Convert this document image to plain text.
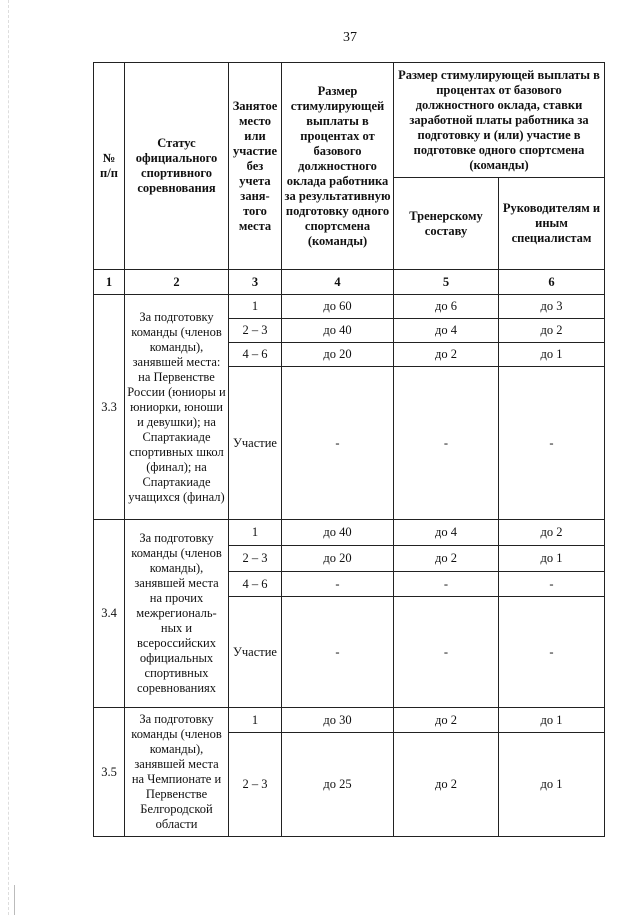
37
№ п/п	Статус официального спортивного соревнования	Занятое место или участие без учета заня-того места	Размер стимулирующей выплаты в процентах от базового должностного оклада работника за результативную подготовку одного спортсмена (команды)	Размер стимулирующей выплаты в процентах от базового должностного оклада, ставки заработной платы работника за подготовку и (или) участие в подготовке одного спортсмена (команды)	
				Тренерскому составу	Руководителям и иным специалистам
1	2	3	4	5	6
3.3	За подготовку команды (членов команды), занявшей места: на Первенстве России (юниоры и юниорки, юноши и девушки); на Спартакиаде спортивных школ (финал); на Спартакиаде учащихся (финал)	1	до 60	до 6	до 3
		2 – 3	до 40	до 4	до 2
		4 – 6	до 20	до 2	до 1
		Участие	-	-	-
3.4	За подготовку команды (членов команды), занявшей места на прочих межрегиональ-ных и всероссийских официальных спортивных соревнованиях	1	до 40	до 4	до 2
		2 – 3	до 20	до 2	до 1
		4 – 6	-	-	-
		Участие	-	-	-
3.5	За подготовку команды (членов команды), занявшей места на Чемпионате и Первенстве Белгородской области	1	до 30	до 2	до 1
		2 – 3	до 25	до 2	до 1
